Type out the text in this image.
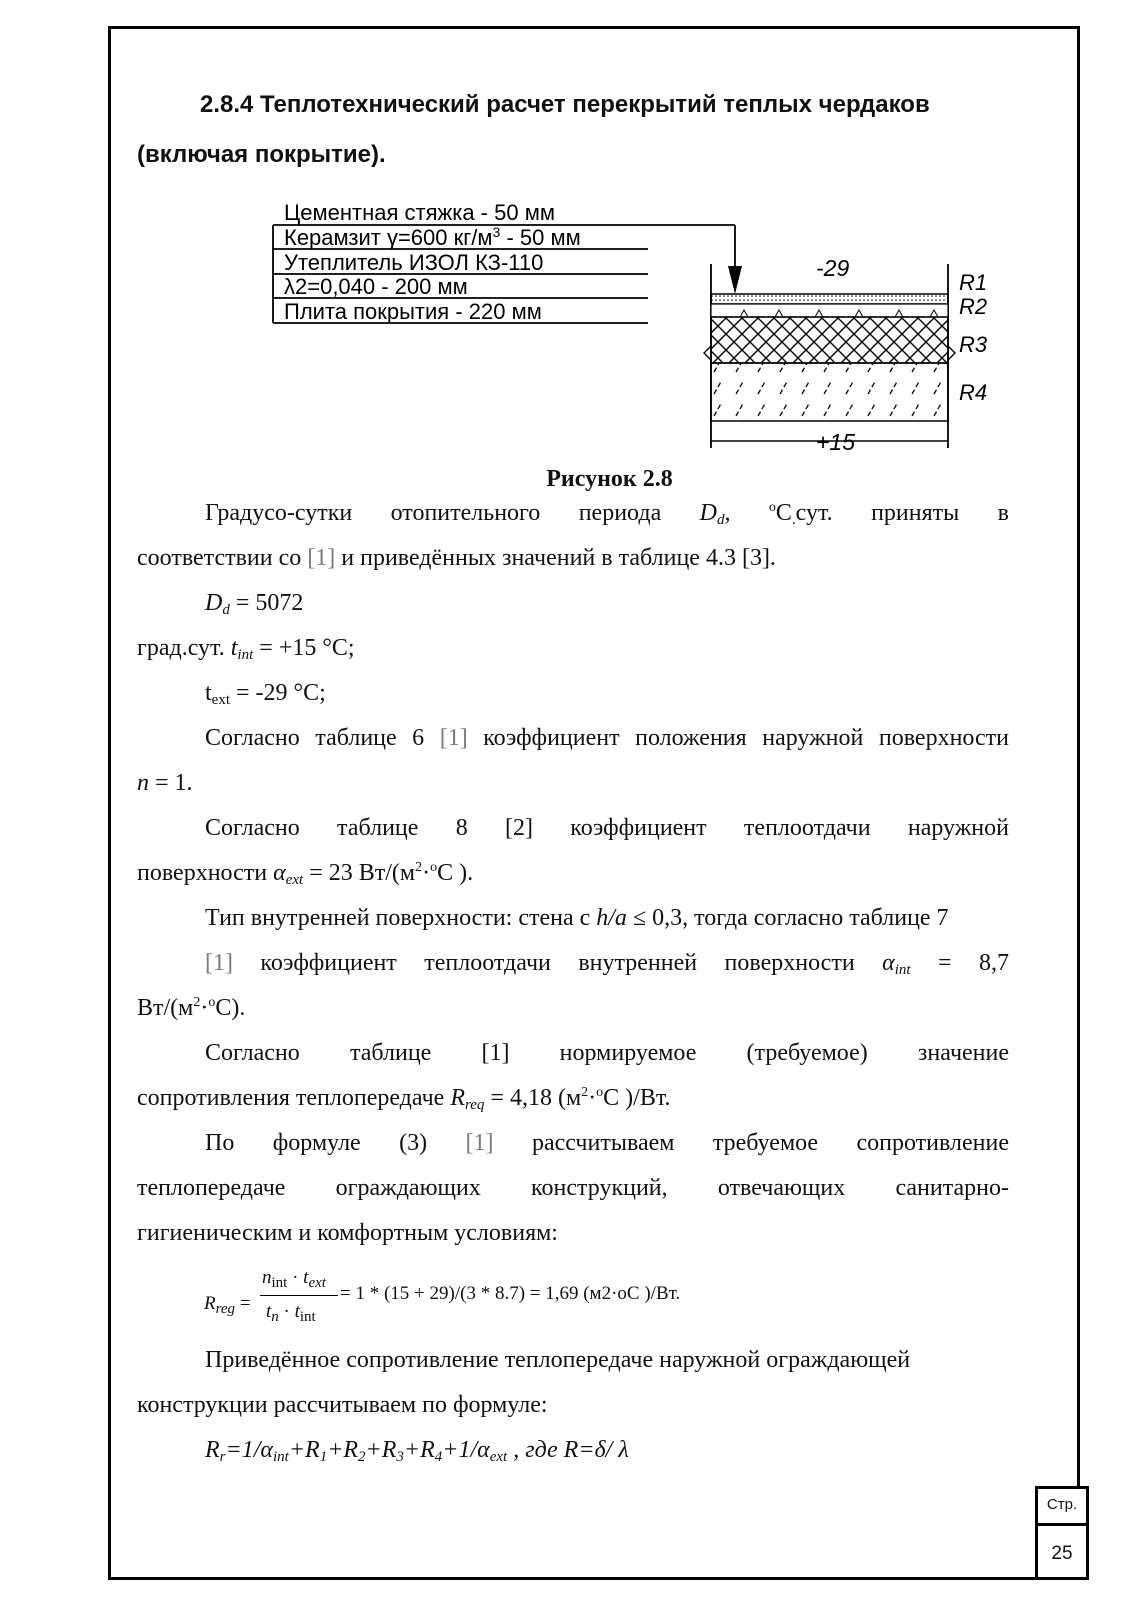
2.8.4 Теплотехнический расчет перекрытий теплых чердаков
(включая покрытие).
Цементная стяжка - 50 мм
Керамзит γ=600 $кг/м^3 - 50$ мм
Утеплитель ИЗОЛ КЗ-110
λ2=0,040 - 200 мм
Плита покрытия - 220 мм
-29
+15
R1
R2
R3
R4
Рисунок 2.8
Градусо-сутки отопительного периода $D_d$, $^oС_.сут$. приняты в
соответствии со [1] и приведённых значений в таблице 4.3 [3].
$D_d = 5072$
град.сут. $t_{int} = +15$ °С;
$t_{ext} = -29$ °С;
Согласно таблице 6 [1] коэффициент положения наружной поверхности
n = 1.
Согласно таблице 8 [2] коэффициент теплоотдачи наружной
поверхности $\alpha_{ext} = 23$ $Вт/(м^2\cdot^oС$ ).
Тип внутренней поверхности: стена с h/a ≤ 0,3, тогда согласно таблице 7
[1] коэффициент теплоотдачи внутренней поверхности $\alpha_{int} = 8,7$
$Вт/(м^2\cdot^oС)$.
Согласно таблице [1] нормируемое (требуемое) значение
сопротивления теплопередаче $R_{req} = 4,18$ ($м^2\cdot^oС$ )/Вт.
По формуле (3) [1] рассчитываем требуемое сопротивление
теплопередаче ограждающих конструкций, отвечающих санитарно-
гигиеническим и комфортным условиям:
$R_{reg}$ =
$n_{int} \cdot t_{ext}$
$t_n \cdot t_{int}$
= 1 * (15 + 29)/(3 * 8.7) = 1,69 (м2·оС )/Вт.
Приведённое сопротивление теплопередаче наружной ограждающей
конструкции рассчитываем по формуле:
$R_r=1/\alpha_{int}+R_1+R_2+R_3+R_4+1/\alpha_{ext}$ , где R=δ/ λ
Стр.
25
